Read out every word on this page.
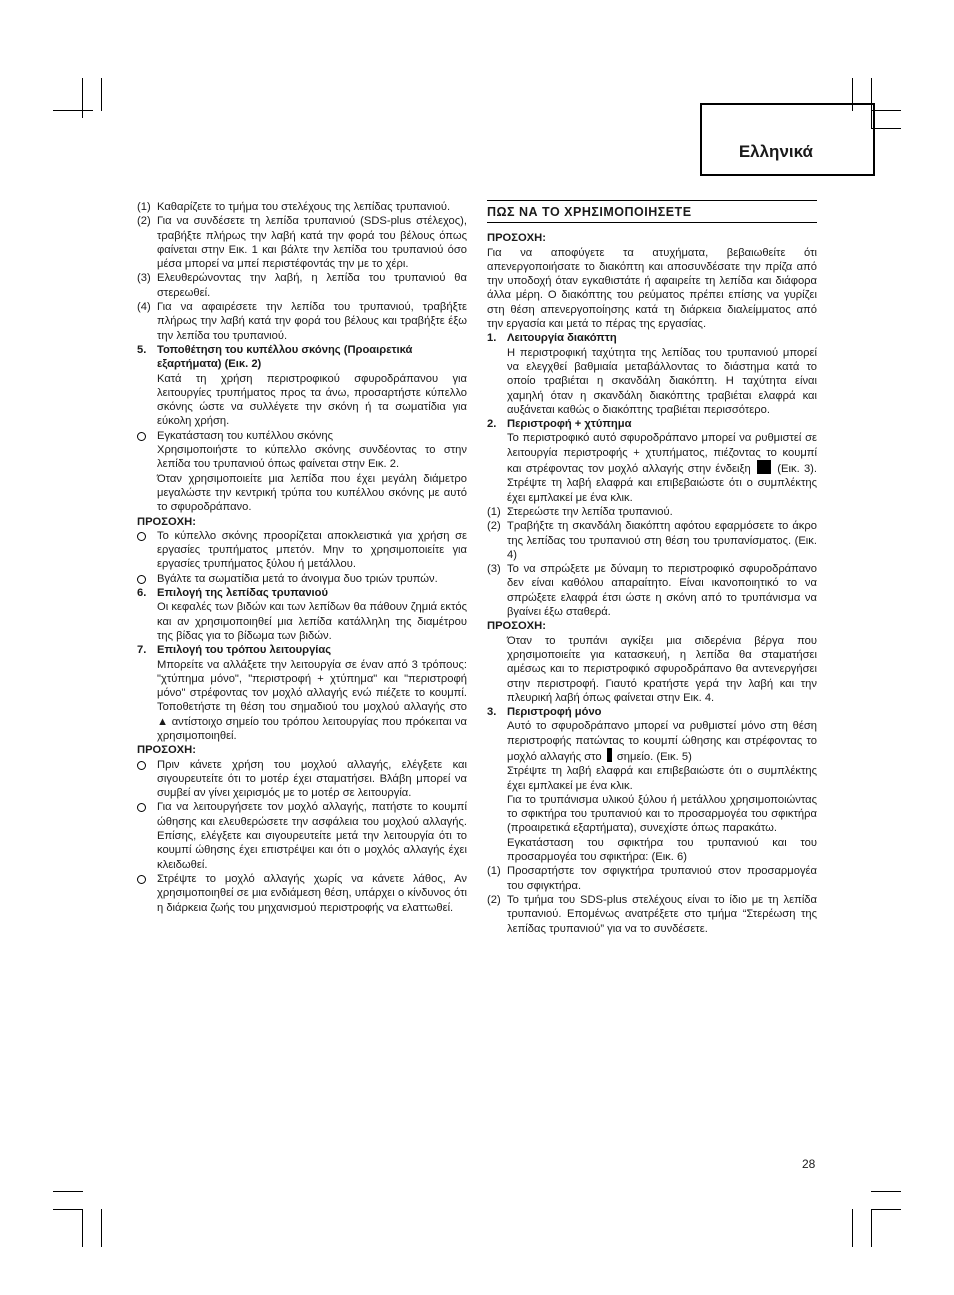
Ελληνικά
(1) Καθαρίζετε το τμήμα του στελέχους της λεπίδας τρυπανιού.
(2) Για να συνδέσετε τη λεπίδα τρυπανιού (SDS-plus στέλεχος), τραβήξτε πλήρως την λαβή κατά την φορά του βέλους όπως φαίνεται στην Εικ. 1 και βάλτε την λεπίδα του τρυπανιού όσο μέσα μπορεί να μπεί περιστέφοντάς την με το χέρι.
(3) Ελευθερώνοντας την λαβή, η λεπίδα του τρυπανιού θα στερεωθεί.
(4) Για να αφαιρέσετε την λεπίδα του τρυπανιού, τραβήξτε πλήρως την λαβή κατά την φορά του βέλους και τραβήξτε έξω την λεπίδα του τρυπανιού.
5. Τοποθέτηση του κυπέλλου σκόνης (Προαιρετικά εξαρτήματα) (Εικ. 2)
Κατά τη χρήση περιστροφικού σφυροδράπανου για λειτουργίες τρυπήματος προς τα άνω, προσαρτήστε κύπελλο σκόνης ώστε να συλλέγετε την σκόνη ή τα σωματίδια για εύκολη χρήση.
Εγκατάσταση του κυπέλλου σκόνης
Χρησιμοποιήστε το κύπελλο σκόνης συνδέοντας το στην λεπίδα του τρυπανιού όπως φαίνεται στην Εικ. 2.
Όταν χρησιμοποιείτε μια λεπίδα που έχει μεγάλη διάμετρο μεγαλώστε την κεντρική τρύπα του κυπέλλου σκόνης με αυτό το σφυροδράπανο.
ΠΡΟΣΟΧΗ:
Το κύπελλο σκόνης προορίζεται αποκλειστικά για χρήση σε εργασίες τρυπήματος μπετόν. Μην το χρησιμοποιείτε για εργασίες τρυπήματος ξύλου ή μετάλλου.
Βγάλτε τα σωματίδια μετά το άνοιγμα δυο τριών τρυπών.
6. Επιλογή της λεπίδας τρυπανιού
Οι κεφαλές των βιδών και των λεπίδων θα πάθουν ζημιά εκτός και αν χρησιμοποιηθεί μια λεπίδα κατάλληλη της διαμέτρου της βίδας για το βίδωμα των βιδών.
7. Επιλογή του τρόπου λειτουργίας
Μπορείτε να αλλάξετε την λειτουργία σε έναν από 3 τρόπους: "χτύπημα μόνο", "περιστροφή + χτύπημα" και "περιστροφή μόνο" στρέφοντας τον μοχλό αλλαγής ενώ πιέζετε το κουμπί. Τοποθετήστε τη θέση του σημαδιού του μοχλού αλλαγής στο ▲ αντίστοιχο σημείο του τρόπου λειτουργίας που πρόκειται να χρησιμοποιηθεί.
ΠΡΟΣΟΧΗ:
Πριν κάνετε χρήση του μοχλού αλλαγής, ελέγξετε και σιγουρευτείτε ότι το μοτέρ έχει σταματήσει. Βλάβη μπορεί να συμβεί αν γίνει χειρισμός με το μοτέρ σε λειτουργία.
Για να λειτουργήσετε τον μοχλό αλλαγής, πατήστε το κουμπί ώθησης και ελευθερώσετε την ασφάλεια του μοχλού αλλαγής. Επίσης, ελέγξετε και σιγουρευτείτε μετά την λειτουργία ότι το κουμπί ώθησης έχει επιστρέψει και ότι ο μοχλός αλλαγής έχει κλειδωθεί.
Στρέψτε το μοχλό αλλαγής χωρίς να κάνετε λάθος, Αν χρησιμοποιηθεί σε μια ενδιάμεση θέση, υπάρχει ο κίνδυνος ότι η διάρκεια ζωής του μηχανισμού περιστροφής να ελαττωθεί.
ΠΩΣ ΝΑ ΤΟ ΧΡΗΣΙΜΟΠΟΙΗΣΕΤΕ
ΠΡΟΣΟΧΗ:
Για να αποφύγετε τα ατυχήματα, βεβαιωθείτε ότι απενεργοποιήσατε το διακόπτη και αποσυνδέσατε την πρίζα από την υποδοχή όταν εγκαθιστάτε ή αφαιρείτε τη λεπίδα και διάφορα άλλα μέρη. Ο διακόπτης του ρεύματος πρέπει επίσης να γυρίζει στη θέση απενεργοποίησης κατά τη διάρκεια διαλείμματος από την εργασία και μετά το πέρας της εργασίας.
1. Λειτουργία διακόπτη
Η περιστροφική ταχύτητα της λεπίδας του τρυπανιού μπορεί να ελεγχθεί βαθμιαία μεταβάλλοντας το διάστημα κατά το οποίο τραβιέται η σκανδάλη διακόπτη. Η ταχύτητα είναι χαμηλή όταν η σκανδάλη διακόπτης τραβιέται ελαφρά και αυξάνεται καθώς ο διακόπτης τραβιέται περισσότερο.
2. Περιστροφή + χτύπημα
Το περιστροφικό αυτό σφυροδράπανο μπορεί να ρυθμιστεί σε λειτουργία περιστροφής + χτυπήματος, πιέζοντας το κουμπί και στρέφοντας τον μοχλό αλλαγής στην ένδειξη (Εικ. 3). Στρέψτε τη λαβή ελαφρά και επιβεβαιώστε ότι ο συμπλέκτης έχει εμπλακεί με ένα κλικ.
(1) Στερεώστε την λεπίδα τρυπανιού.
(2) Τραβήξτε τη σκανδάλη διακόπτη αφότου εφαρμόσετε το άκρο της λεπίδας του τρυπανιού στη θέση του τρυπανίσματος. (Εικ. 4)
(3) Το να σπρώξετε με δύναμη το περιστροφικό σφυροδράπανο δεν είναι καθόλου απαραίτητο. Είναι ικανοποιητικό το να σπρώξετε ελαφρά έτσι ώστε η σκόνη από το τρυπάνισμα να βγαίνει έξω σταθερά.
ΠΡΟΣΟΧΗ:
Όταν το τρυπάνι αγκίξει μια σιδερένια βέργα που χρησιμοποιείτε για κατασκευή, η λεπίδα θα σταματήσει αμέσως και το περιστροφικό σφυροδράπανο θα αντενεργήσει στην περιστροφή. Γιαυτό κρατήστε γερά την λαβή και την πλευρική λαβή όπως φαίνεται στην Εικ. 4.
3. Περιστροφή μόνο
Αυτό το σφυροδράπανο μπορεί να ρυθμιστεί μόνο στη θέση περιστροφής πατώντας το κουμπί ώθησης και στρέφοντας το μοχλό αλλαγής στο σημείο. (Εικ. 5)
Στρέψτε τη λαβή ελαφρά και επιβεβαιώστε ότι ο συμπλέκτης έχει εμπλακεί με ένα κλικ.
Για το τρυπάνισμα υλικού ξύλου ή μετάλλου χρησιμοποιώντας το σφικτήρα του τρυπανιού και το προσαρμογέα του σφικτήρα (προαιρετικά εξαρτήματα), συνεχίστε όπως παρακάτω.
Εγκατάσταση του σφικτήρα του τρυπανιού και του προσαρμογέα του σφικτήρα: (Εικ. 6)
(1) Προσαρτήστε τον σφιγκτήρα τρυπανιού στον προσαρμογέα του σφιγκτήρα.
(2) Το τμήμα του SDS-plus στελέχους είναι το ίδιο με τη λεπίδα τρυπανιού. Επομένως ανατρέξετε στο τμήμα “Στερέωση της λεπίδας τρυπανιού” για να το συνδέσετε.
28
